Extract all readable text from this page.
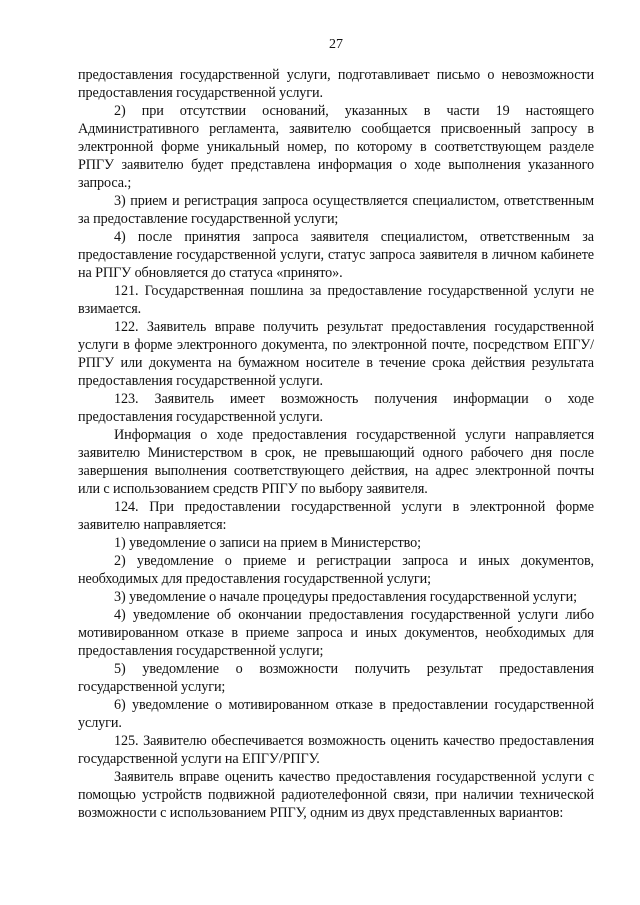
27

предоставления государственной услуги, подготавливает письмо о невозможности предоставления государственной услуги.

2) при отсутствии оснований, указанных в части 19 настоящего Административного регламента, заявителю сообщается присвоенный запросу в электронной форме уникальный номер, по которому в соответствующем разделе РПГУ заявителю будет представлена информация о ходе выполнения указанного запроса.;

3) прием и регистрация запроса осуществляется специалистом, ответственным за предоставление государственной услуги;

4) после принятия запроса заявителя специалистом, ответственным за предоставление государственной услуги, статус запроса заявителя в личном кабинете на РПГУ обновляется до статуса «принято».

121. Государственная пошлина за предоставление государственной услуги не взимается.

122. Заявитель вправе получить результат предоставления государственной услуги в форме электронного документа, по электронной почте, посредством ЕПГУ/РПГУ или документа на бумажном носителе в течение срока действия результата предоставления государственной услуги.

123. Заявитель имеет возможность получения информации о ходе предоставления государственной услуги.

Информация о ходе предоставления государственной услуги направляется заявителю Министерством в срок, не превышающий одного рабочего дня после завершения выполнения соответствующего действия, на адрес электронной почты или с использованием средств РПГУ по выбору заявителя.

124. При предоставлении государственной услуги в электронной форме заявителю направляется:

1) уведомление о записи на прием в Министерство;

2) уведомление о приеме и регистрации запроса и иных документов, необходимых для предоставления государственной услуги;

3) уведомление о начале процедуры предоставления государственной услуги;

4) уведомление об окончании предоставления государственной услуги либо мотивированном отказе в приеме запроса и иных документов, необходимых для предоставления государственной услуги;

5) уведомление о возможности получить результат предоставления государственной услуги;

6) уведомление о мотивированном отказе в предоставлении государственной услуги.

125. Заявителю обеспечивается возможность оценить качество предоставления государственной услуги на ЕПГУ/РПГУ.

Заявитель вправе оценить качество предоставления государственной услуги с помощью устройств подвижной радиотелефонной связи, при наличии технической возможности с использованием РПГУ, одним из двух представленных вариантов:
